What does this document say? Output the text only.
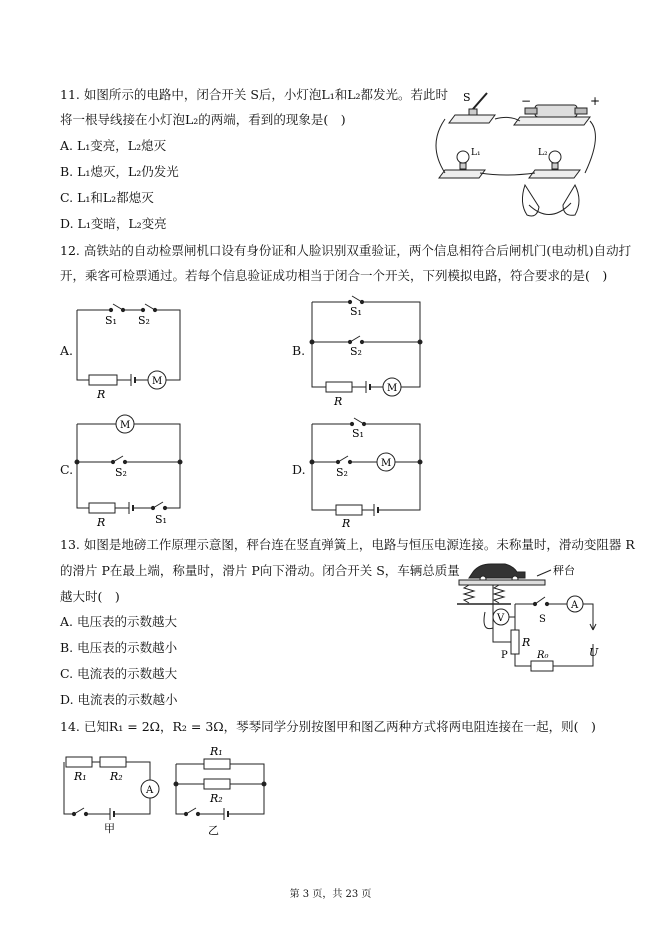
11. 如图所示的电路中，闭合开关 S后，小灯泡L₁和L₂都发光。若此时
将一根导线接在小灯泡L₂的两端，看到的现象是(　)
A. L₁变亮，L₂熄灭
B. L₁熄灭，L₂仍发光
C. L₁和L₂都熄灭
D. L₁变暗，L₂变亮
S	−	+
L₁	L₂
12. 高铁站的自动检票闸机口设有身份证和人脸识别双重验证，两个信息相符合后闸机门(电动机)自动打
开，乘客可检票通过。若每个信息验证成功相当于闭合一个开关，下列模拟电路，符合要求的是(　)
A.
S₁ S₂
R
M
B.
S₁
S₂
R
M
C.
M
S₂
R	S₁
D.
S₁
S₂
M
R
13. 如图是地磅工作原理示意图，秤台连在竖直弹簧上，电路与恒压电源连接。未称量时，滑动变阻器 R
的滑片 P在最上端，称量时，滑片 P向下滑动。闭合开关 S，车辆总质量
越大时(　)
A. 电压表的示数越大
B. 电压表的示数越小
C. 电流表的示数越大
D. 电流表的示数越小
秤台
V	S
A
R
P	R₀	U
14. 已知R₁ = 2Ω，R₂ = 3Ω，琴琴同学分别按图甲和图乙两种方式将两电阻连接在一起，则(　)
R₁ R₂
A
甲
R₁
R₂
乙
第 3 页，共 23 页
